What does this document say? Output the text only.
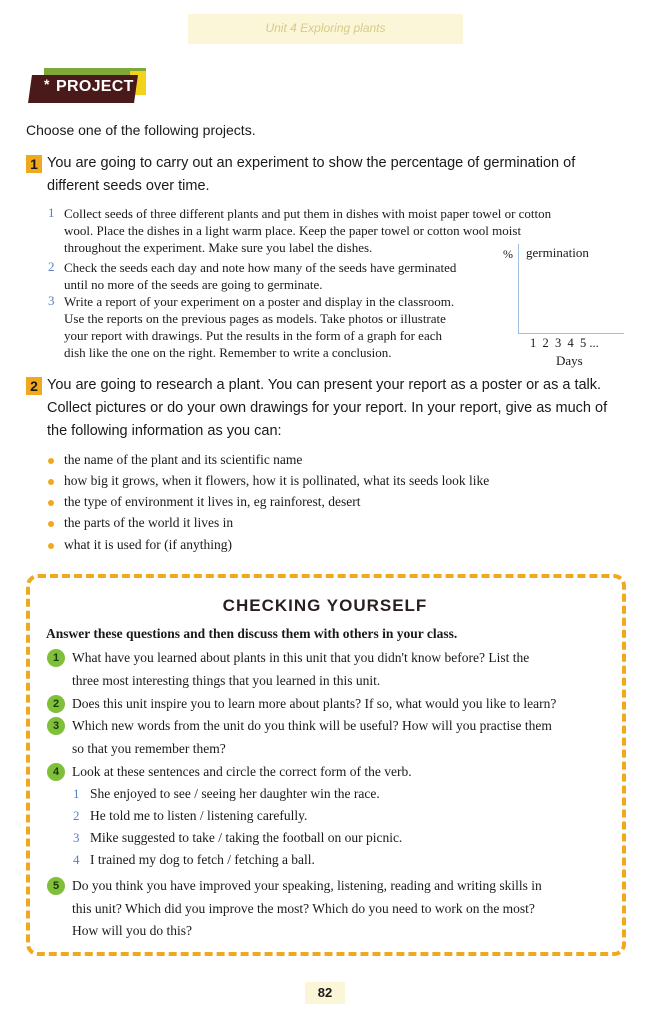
Unit 4 Exploring plants
* PROJECT
Choose one of the following projects.
1 You are going to carry out an experiment to show the percentage of germination of
different seeds over time.
1 Collect seeds of three different plants and put them in dishes with moist paper towel or cotton
wool. Place the dishes in a light warm place. Keep the paper towel or cotton wool moist
throughout the experiment. Make sure you label the dishes.
2 Check the seeds each day and note how many of the seeds have germinated
until no more of the seeds are going to germinate.
3 Write a report of your experiment on a poster and display in the classroom.
Use the reports on the previous pages as models. Take photos or illustrate
your report with drawings. Put the results in the form of a graph for each
dish like the one on the right. Remember to write a conclusion.
% germination
1  2  3  4  5 ...
Days
2 You are going to research a plant. You can present your report as a poster or as a talk.
Collect pictures or do your own drawings for your report. In your report, give as much of
the following information as you can:
the name of the plant and its scientific name
how big it grows, when it flowers, how it is pollinated, what its seeds look like
the type of environment it lives in, eg rainforest, desert
the parts of the world it lives in
what it is used for (if anything)
CHECKING YOURSELF
Answer these questions and then discuss them with others in your class.
1 What have you learned about plants in this unit that you didn't know before? List the
three most interesting things that you learned in this unit.
2 Does this unit inspire you to learn more about plants? If so, what would you like to learn?
3 Which new words from the unit do you think will be useful? How will you practise them
so that you remember them?
4 Look at these sentences and circle the correct form of the verb.
1 She enjoyed to see / seeing her daughter win the race.
2 He told me to listen / listening carefully.
3 Mike suggested to take / taking the football on our picnic.
4 I trained my dog to fetch / fetching a ball.
5 Do you think you have improved your speaking, listening, reading and writing skills in
this unit? Which did you improve the most? Which do you need to work on the most?
How will you do this?
82
